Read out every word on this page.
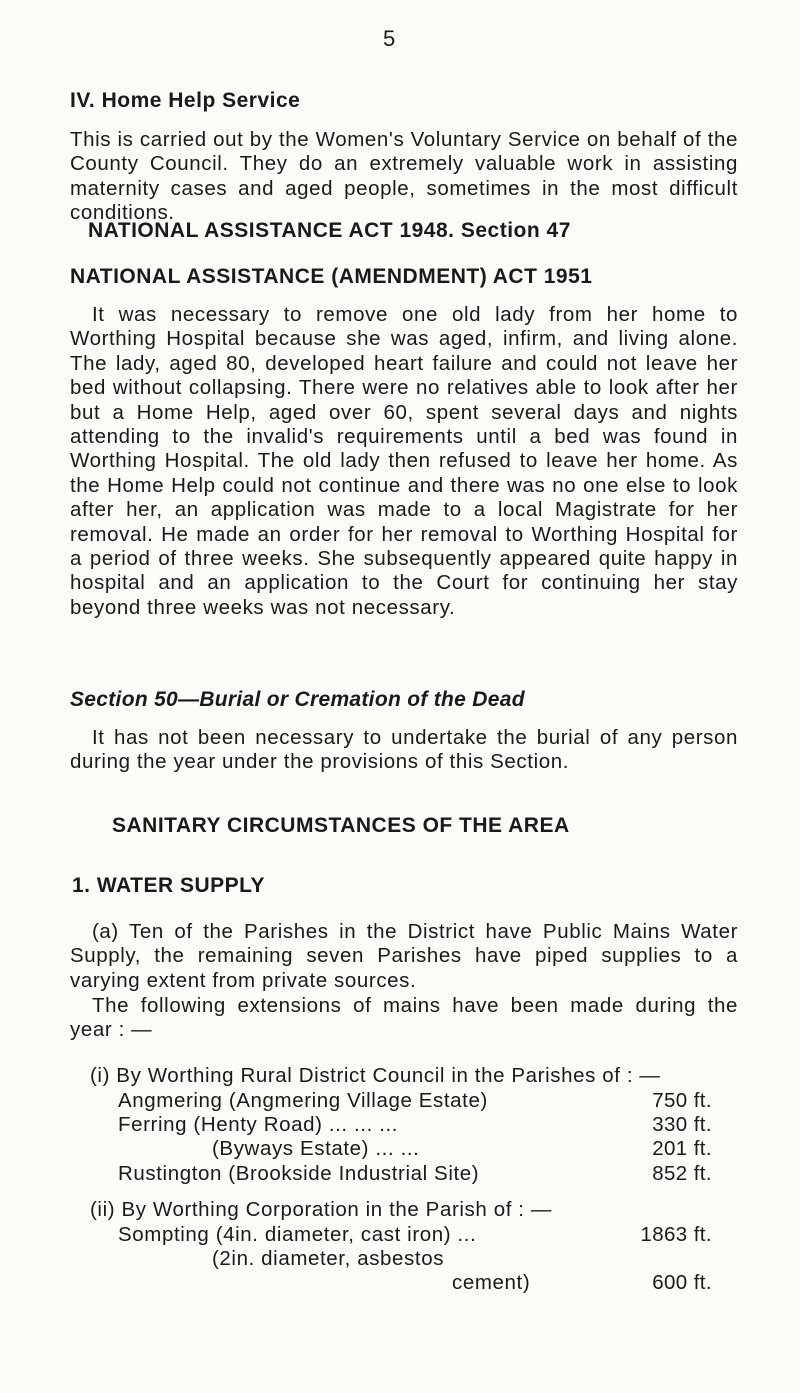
5
IV. Home Help Service
This is carried out by the Women's Voluntary Service on behalf of the County Council. They do an extremely valuable work in assisting maternity cases and aged people, sometimes in the most difficult conditions.
NATIONAL ASSISTANCE ACT 1948. Section 47
NATIONAL ASSISTANCE (AMENDMENT) ACT 1951
It was necessary to remove one old lady from her home to Worthing Hospital because she was aged, infirm, and living alone. The lady, aged 80, developed heart failure and could not leave her bed without collapsing. There were no relatives able to look after her but a Home Help, aged over 60, spent several days and nights attending to the invalid's requirements until a bed was found in Worthing Hospital. The old lady then refused to leave her home. As the Home Help could not continue and there was no one else to look after her, an application was made to a local Magistrate for her removal. He made an order for her removal to Worthing Hospital for a period of three weeks. She subsequently appeared quite happy in hospital and an application to the Court for continuing her stay beyond three weeks was not necessary.
Section 50—Burial or Cremation of the Dead
It has not been necessary to undertake the burial of any person during the year under the provisions of this Section.
SANITARY CIRCUMSTANCES OF THE AREA
1. WATER SUPPLY
(a) Ten of the Parishes in the District have Public Mains Water Supply, the remaining seven Parishes have piped supplies to a varying extent from private sources.
The following extensions of mains have been made during the year : —
(i) By Worthing Rural District Council in the Parishes of : —
Angmering (Angmering Village Estate)	750 ft.
Ferring (Henty Road) ... ... ...	330 ft.
(Byways Estate) ... ...	201 ft.
Rustington (Brookside Industrial Site)	852 ft.
(ii) By Worthing Corporation in the Parish of : —
Sompting (4in. diameter, cast iron) ...	1863 ft.
(2in. diameter, asbestos
cement)	600 ft.
